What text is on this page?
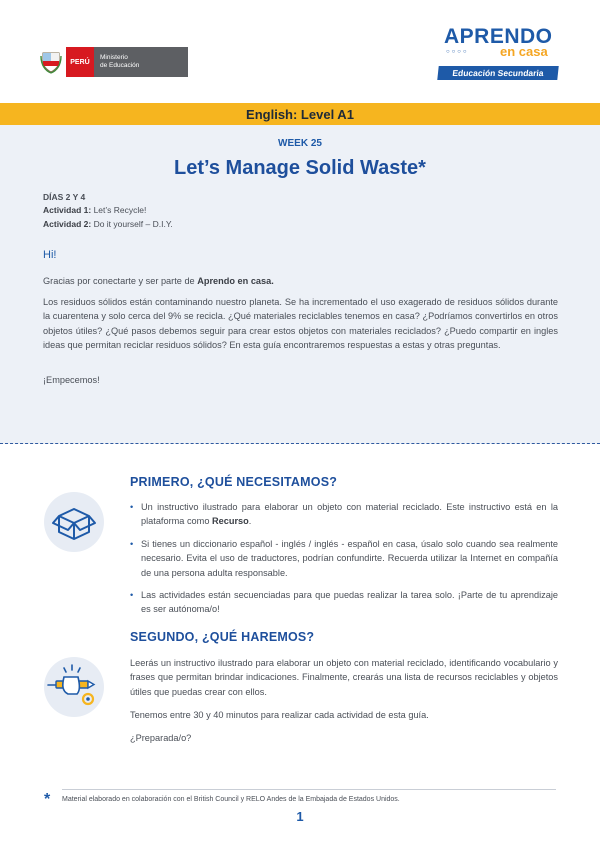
PERÚ
Ministerio
de Educación
APRENDO
○○○○ en casa
Educación Secundaria
English: Level A1
WEEK 25
Let’s Manage Solid Waste*
DÍAS 2 Y 4
Actividad 1: Let’s Recycle!
Actividad 2: Do it yourself – D.I.Y.
Hi!
Gracias por conectarte y ser parte de Aprendo en casa.
Los residuos sólidos están contaminando nuestro planeta. Se ha incrementado el uso exagerado de residuos sólidos durante la cuarentena y solo cerca del 9% se recicla. ¿Qué materiales reciclables tenemos en casa? ¿Podríamos convertirlos en otros objetos útiles? ¿Qué pasos debemos seguir para crear estos objetos con materiales reciclados? ¿Puedo compartir en ingles ideas que permitan reciclar residuos sólidos? En esta guía encontraremos respuestas a estas y otras preguntas.
¡Empecemos!
PRIMERO, ¿QUÉ NECESITAMOS?
• Un instructivo ilustrado para elaborar un objeto con material reciclado. Este instructivo está en la plataforma como Recurso.
• Si tienes un diccionario español - inglés / inglés - español en casa, úsalo solo cuando sea realmente necesario. Evita el uso de traductores, podrían confundirte. Recuerda utilizar la Internet en compañía de una persona adulta responsable.
• Las actividades están secuenciadas para que puedas realizar la tarea solo. ¡Parte de tu aprendizaje es ser autónoma/o!
SEGUNDO, ¿QUÉ HAREMOS?
Leerás un instructivo ilustrado para elaborar un objeto con material reciclado, identificando vocabulario y frases que permitan brindar indicaciones. Finalmente, crearás una lista de recursos reciclables y objetos útiles que puedas crear con ellos.
Tenemos entre 30 y 40 minutos para realizar cada actividad de esta guía.
¿Preparada/o?
* Material elaborado en colaboración con el British Council y RELO Andes de la Embajada de Estados Unidos.
1
